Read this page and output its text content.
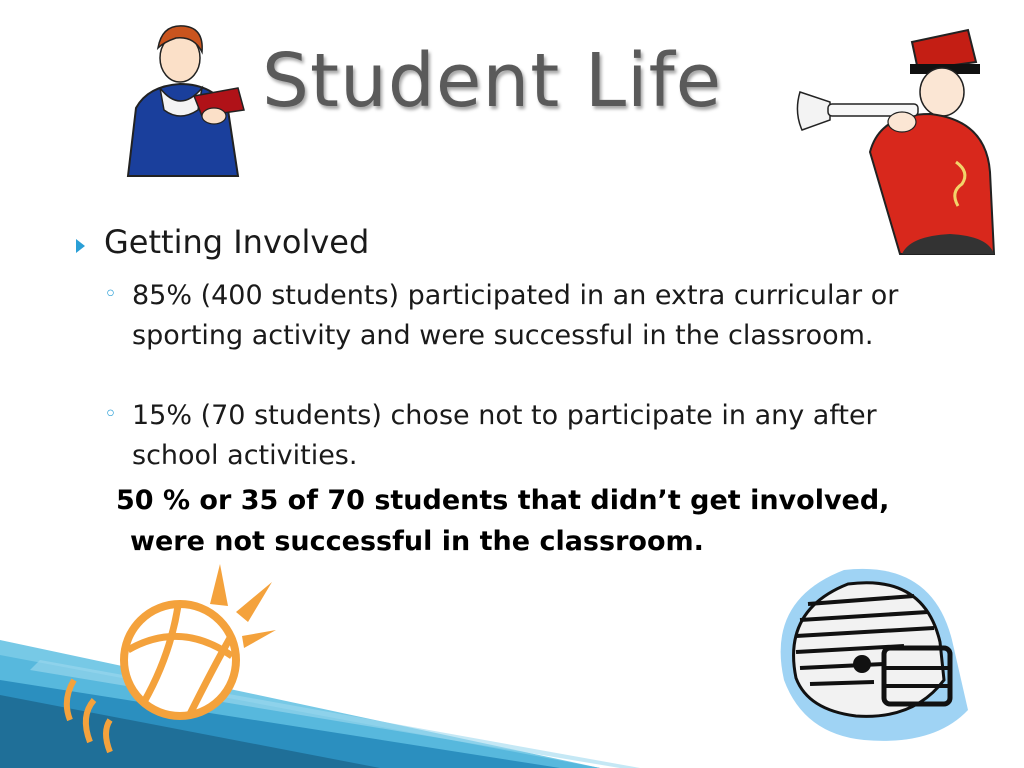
Student Life
Getting Involved
◦ 85% (400 students) participated in an extra curricular or sporting activity and were successful in the classroom.
◦ 15% (70 students) chose not to participate in any after school activities.
50 % or 35 of 70 students that didn’t get involved,
were not successful in the classroom.
